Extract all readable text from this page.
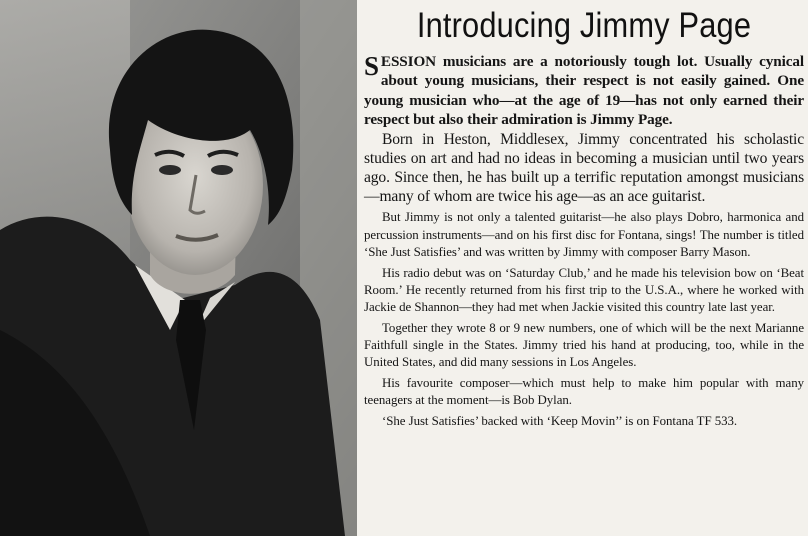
Introducing Jimmy Page

SESSION musicians are a notoriously tough lot. Usually cynical about young musicians, their respect is not easily gained. One young musician who—at the age of 19—has not only earned their respect but also their admiration is Jimmy Page.

Born in Heston, Middlesex, Jimmy concentrated his scholastic studies on art and had no ideas in becoming a musician until two years ago. Since then, he has built up a terrific reputation amongst musicians—many of whom are twice his age—as an ace guitarist.

But Jimmy is not only a talented guitarist—he also plays Dobro, harmonica and percussion instruments—and on his first disc for Fontana, sings! The number is titled ‘She Just Satisfies’ and was written by Jimmy with composer Barry Mason.

His radio debut was on ‘Saturday Club,’ and he made his television bow on ‘Beat Room.’ He recently returned from his first trip to the U.S.A., where he worked with Jackie de Shannon—they had met when Jackie visited this country late last year.

Together they wrote 8 or 9 new numbers, one of which will be the next Marianne Faithfull single in the States. Jimmy tried his hand at producing, too, while in the United States, and did many sessions in Los Angeles.

His favourite composer—which must help to make him popular with many teenagers at the moment—is Bob Dylan.

‘She Just Satisfies’ backed with ‘Keep Movin’’ is on Fontana TF 533.
